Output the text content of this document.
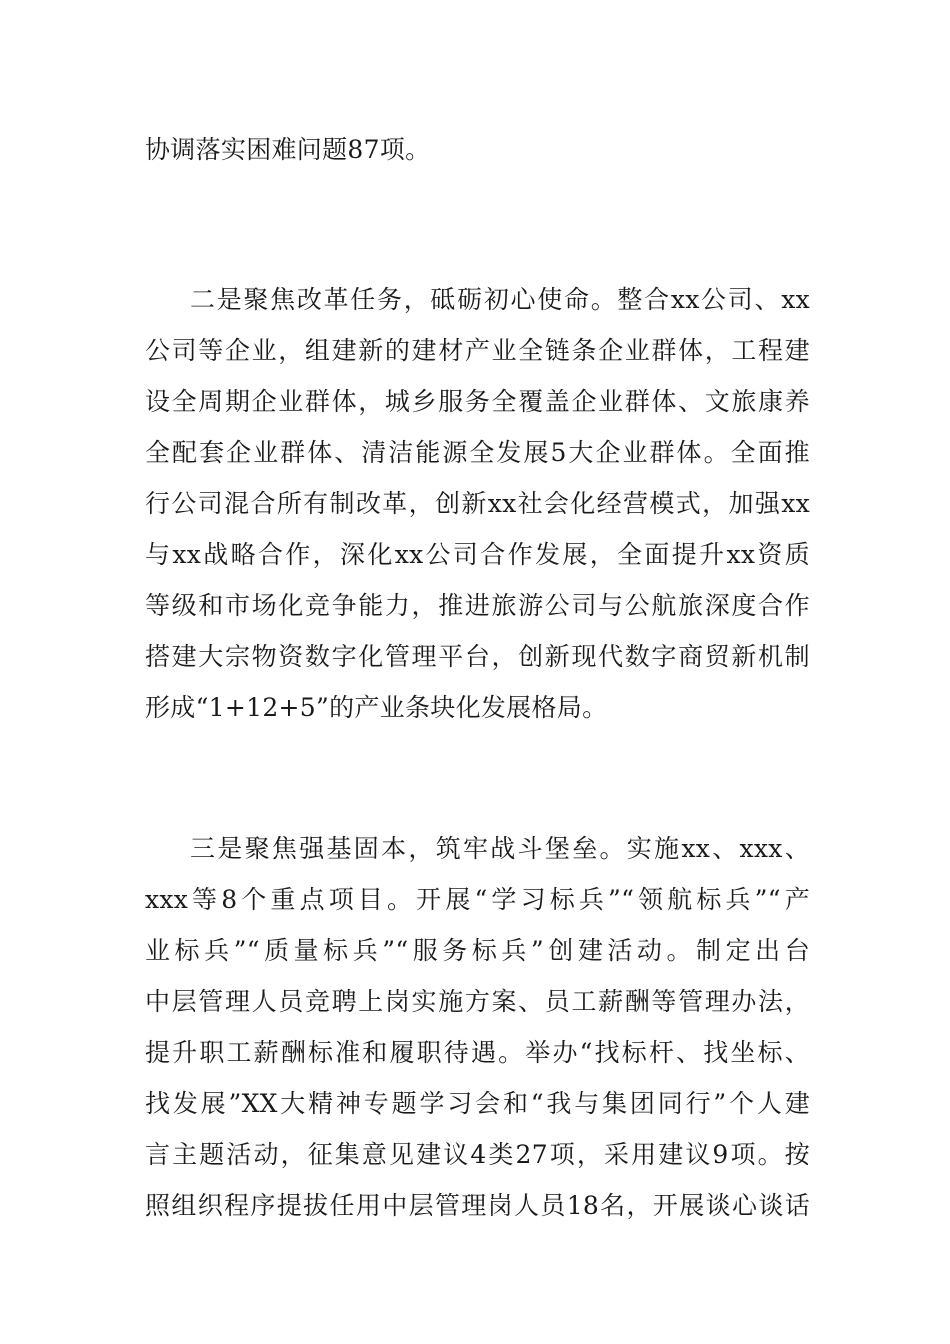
协调落实困难问题87项。
二是聚焦改革任务，砥砺初心使命。整合xx公司、xx
公司等企业，组建新的建材产业全链条企业群体，工程建
设全周期企业群体，城乡服务全覆盖企业群体、文旅康养
全配套企业群体、清洁能源全发展5大企业群体。全面推
行公司混合所有制改革，创新xx社会化经营模式，加强xx
与xx战略合作，深化xx公司合作发展，全面提升xx资质
等级和市场化竞争能力，推进旅游公司与公航旅深度合作
搭建大宗物资数字化管理平台，创新现代数字商贸新机制
形成“1+12+5”的产业条块化发展格局。
三是聚焦强基固本，筑牢战斗堡垒。实施xx、xxx、
xxx等8个重点项目。开展“学习标兵”“领航标兵”“产
业标兵”“质量标兵”“服务标兵”创建活动。制定出台
中层管理人员竞聘上岗实施方案、员工薪酬等管理办法，
提升职工薪酬标准和履职待遇。举办“找标杆、找坐标、
找发展”XX大精神专题学习会和“我与集团同行”个人建
言主题活动，征集意见建议4类27项，采用建议9项。按
照组织程序提拔任用中层管理岗人员18名，开展谈心谈话
